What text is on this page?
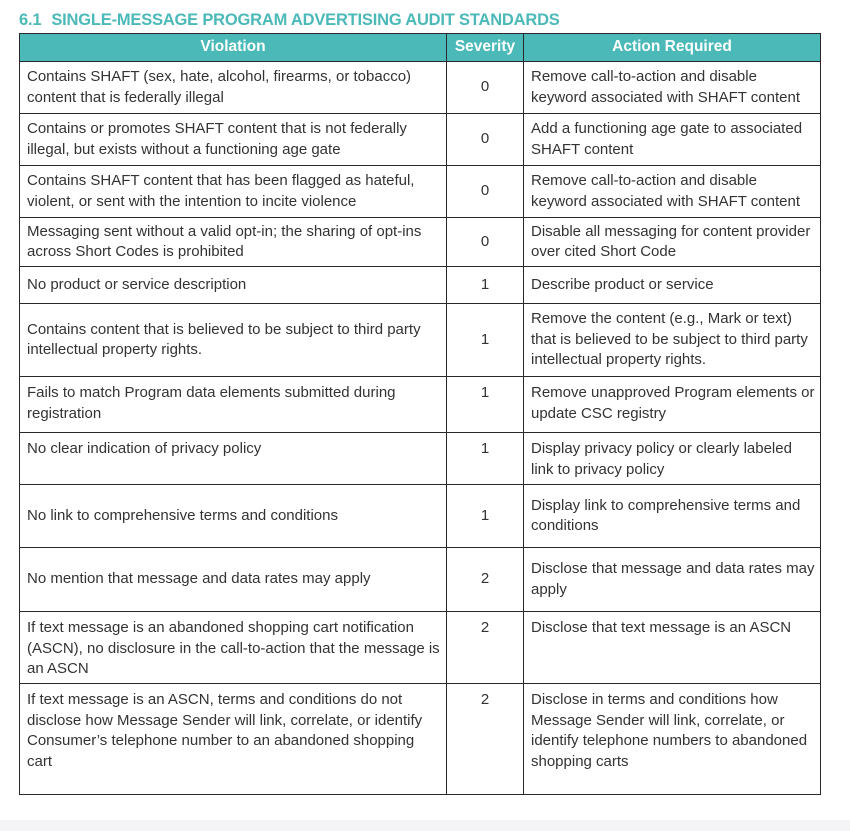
6.1 SINGLE-MESSAGE PROGRAM ADVERTISING AUDIT STANDARDS
Violation	Severity	Action Required
Contains SHAFT (sex, hate, alcohol, firearms, or tobacco) content that is federally illegal	0	Remove call-to-action and disable keyword associated with SHAFT content
Contains or promotes SHAFT content that is not federally illegal, but exists without a functioning age gate	0	Add a functioning age gate to associated SHAFT content
Contains SHAFT content that has been flagged as hateful, violent, or sent with the intention to incite violence	0	Remove call-to-action and disable keyword associated with SHAFT content
Messaging sent without a valid opt-in; the sharing of opt-ins across Short Codes is prohibited	0	Disable all messaging for content provider over cited Short Code
No product or service description	1	Describe product or service
Contains content that is believed to be subject to third party intellectual property rights.	1	Remove the content (e.g., Mark or text) that is believed to be subject to third party intellectual property rights.
Fails to match Program data elements submitted during registration	1	Remove unapproved Program elements or update CSC registry
No clear indication of privacy policy	1	Display privacy policy or clearly labeled link to privacy policy
No link to comprehensive terms and conditions	1	Display link to comprehensive terms and conditions
No mention that message and data rates may apply	2	Disclose that message and data rates may apply
If text message is an abandoned shopping cart notification (ASCN), no disclosure in the call-to-action that the message is an ASCN	2	Disclose that text message is an ASCN
If text message is an ASCN, terms and conditions do not disclose how Message Sender will link, correlate, or identify Consumer’s telephone number to an abandoned shopping cart	2	Disclose in terms and conditions how Message Sender will link, correlate, or identify telephone numbers to abandoned shopping carts
